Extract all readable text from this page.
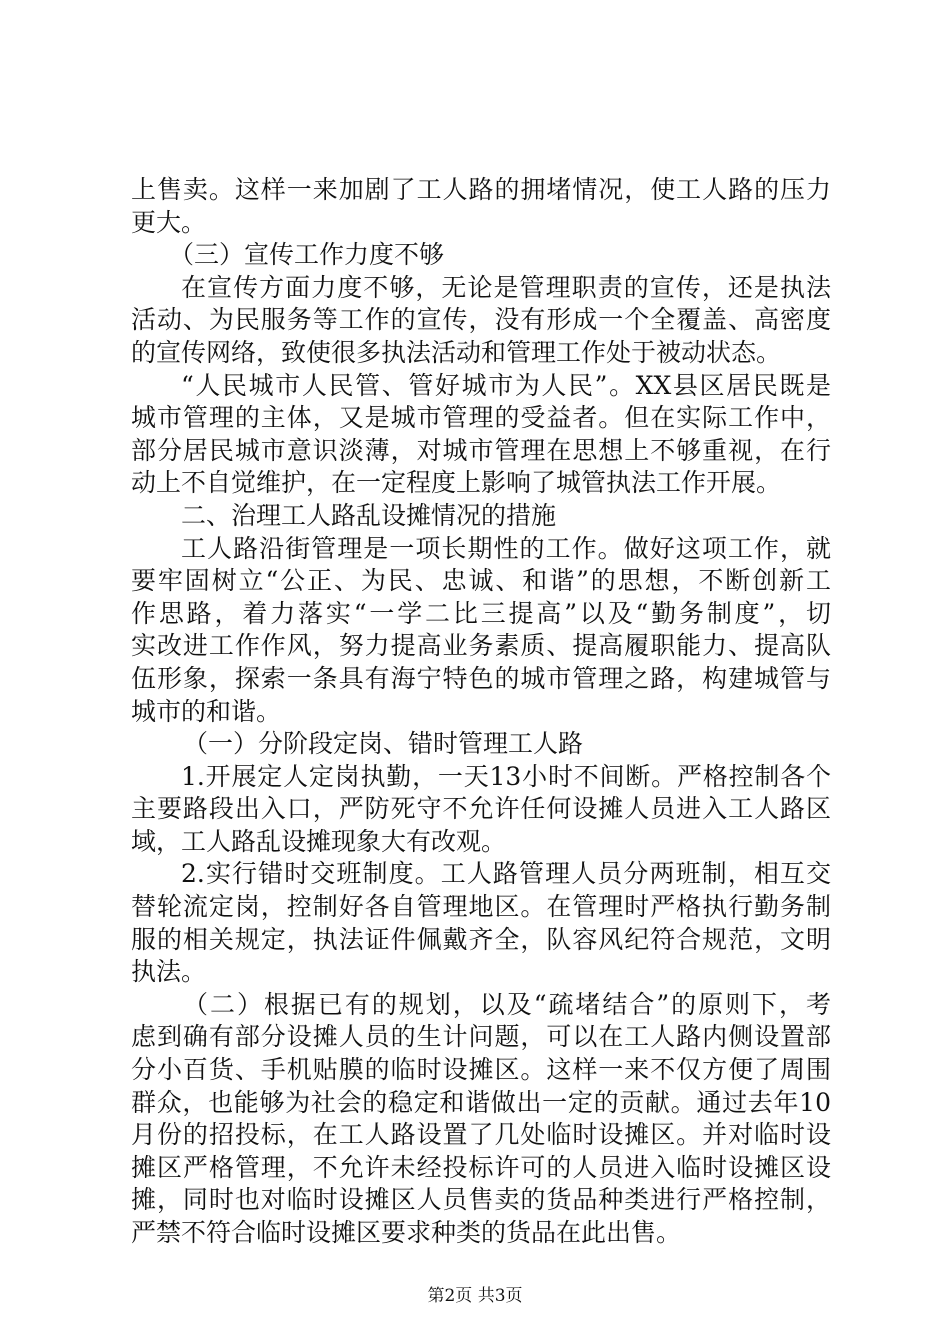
上售卖。这样一来加剧了工人路的拥堵情况，使工人路的压力
更大。
（三）宣传工作力度不够
在宣传方面力度不够，无论是管理职责的宣传，还是执法
活动、为民服务等工作的宣传，没有形成一个全覆盖、高密度
的宣传网络，致使很多执法活动和管理工作处于被动状态。
“人民城市人民管、管好城市为人民”。XX县区居民既是
城市管理的主体，又是城市管理的受益者。但在实际工作中，
部分居民城市意识淡薄，对城市管理在思想上不够重视，在行
动上不自觉维护，在一定程度上影响了城管执法工作开展。
二、治理工人路乱设摊情况的措施
工人路沿街管理是一项长期性的工作。做好这项工作，就
要牢固树立“公正、为民、忠诚、和谐”的思想，不断创新工
作思路，着力落实“一学二比三提高”以及“勤务制度”，切
实改进工作作风，努力提高业务素质、提高履职能力、提高队
伍形象，探索一条具有海宁特色的城市管理之路，构建城管与
城市的和谐。
（一）分阶段定岗、错时管理工人路
1.开展定人定岗执勤，一天13小时不间断。严格控制各个
主要路段出入口，严防死守不允许任何设摊人员进入工人路区
域，工人路乱设摊现象大有改观。
2.实行错时交班制度。工人路管理人员分两班制，相互交
替轮流定岗，控制好各自管理地区。在管理时严格执行勤务制
服的相关规定，执法证件佩戴齐全，队容风纪符合规范，文明
执法。
（二）根据已有的规划，以及“疏堵结合”的原则下，考
虑到确有部分设摊人员的生计问题，可以在工人路内侧设置部
分小百货、手机贴膜的临时设摊区。这样一来不仅方便了周围
群众，也能够为社会的稳定和谐做出一定的贡献。通过去年10
月份的招投标，在工人路设置了几处临时设摊区。并对临时设
摊区严格管理，不允许未经投标许可的人员进入临时设摊区设
摊，同时也对临时设摊区人员售卖的货品种类进行严格控制，
严禁不符合临时设摊区要求种类的货品在此出售。
第2页 共3页
